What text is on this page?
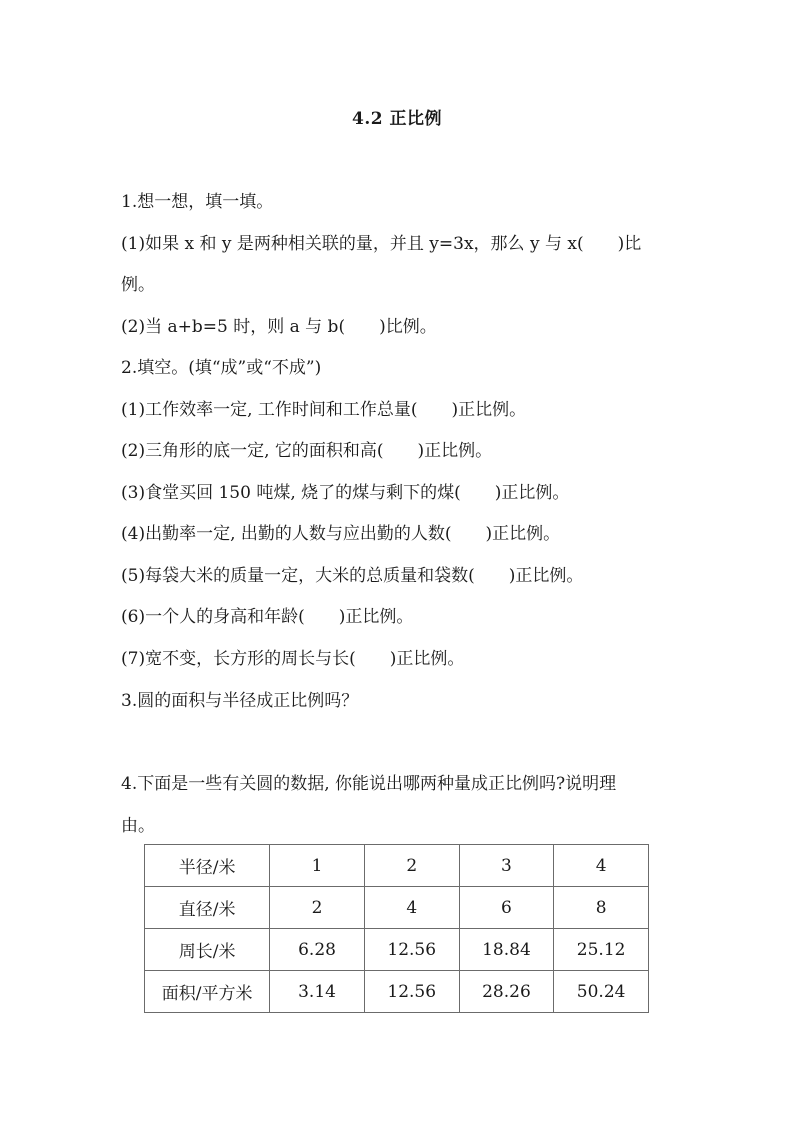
4.2 正比例
1.想一想，填一填。
(1)如果 x 和 y 是两种相关联的量，并且 y=3x，那么 y 与 x(　　)比
例。
(2)当 a+b=5 时，则 a 与 b(　　)比例。
2.填空。(填“成”或“不成”)
(1)工作效率一定, 工作时间和工作总量(　　)正比例。
(2)三角形的底一定, 它的面积和高(　　)正比例。
(3)食堂买回 150 吨煤, 烧了的煤与剩下的煤(　　)正比例。
(4)出勤率一定, 出勤的人数与应出勤的人数(　　)正比例。
(5)每袋大米的质量一定，大米的总质量和袋数(　　)正比例。
(6)一个人的身高和年龄(　　)正比例。
(7)宽不变，长方形的周长与长(　　)正比例。
3.圆的面积与半径成正比例吗？
4.下面是一些有关圆的数据, 你能说出哪两种量成正比例吗?说明理
由。
半径/米	1	2	3	4
直径/米	2	4	6	8
周长/米	6.28	12.56	18.84	25.12
面积/平方米	3.14	12.56	28.26	50.24
